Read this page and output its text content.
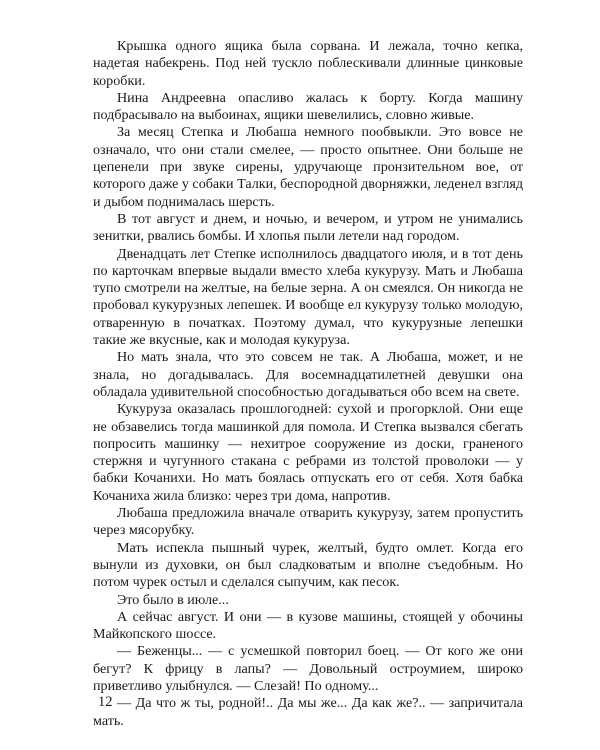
Крышка одного ящика была сорвана. И лежала, точно кепка, надетая набекрень. Под ней тускло поблескивали длинные цинковые коробки.

Нина Андреевна опасливо жалась к борту. Когда машину подбрасывало на выбоинах, ящики шевелились, словно живые.

За месяц Степка и Любаша немного пообвыкли. Это вовсе не означало, что они стали смелее, — просто опытнее. Они больше не цепенели при звуке сирены, удручающе пронзительном вое, от которого даже у собаки Талки, беспородной дворняжки, леденел взгляд и дыбом поднималась шерсть.

В тот август и днем, и ночью, и вечером, и утром не унимались зенитки, рвались бомбы. И хлопья пыли летели над городом.

Двенадцать лет Степке исполнилось двадцатого июля, и в тот день по карточкам впервые выдали вместо хлеба кукурузу. Мать и Любаша тупо смотрели на желтые, на белые зерна. А он смеялся. Он никогда не пробовал кукурузных лепешек. И вообще ел кукурузу только молодую, отваренную в початках. Поэтому думал, что кукурузные лепешки такие же вкусные, как и молодая кукуруза.

Но мать знала, что это совсем не так. А Любаша, может, и не знала, но догадывалась. Для восемнадцатилетней девушки она обладала удивительной способностью догадываться обо всем на свете.

Кукуруза оказалась прошлогодней: сухой и прогорклой. Они еще не обзавелись тогда машинкой для помола. И Степка вызвался сбегать попросить машинку — нехитрое сооружение из доски, граненого стержня и чугунного стакана с ребрами из толстой проволоки — у бабки Кочанихи. Но мать боялась отпускать его от себя. Хотя бабка Кочаниха жила близко: через три дома, напротив.

Любаша предложила вначале отварить кукурузу, затем пропустить через мясорубку.

Мать испекла пышный чурек, желтый, будто омлет. Когда его вынули из духовки, он был сладковатым и вполне съедобным. Но потом чурек остыл и сделался сыпучим, как песок.

Это было в июле...

А сейчас август. И они — в кузове машины, стоящей у обочины Майкопского шоссе.

— Беженцы... — с усмешкой повторил боец. — От кого же они бегут? К фрицу в лапы? — Довольный остроумием, широко приветливо улыбнулся. — Слезай! По одному...

— Да что ж ты, родной!.. Да мы же... Да как же?.. — запричитала мать.

12
